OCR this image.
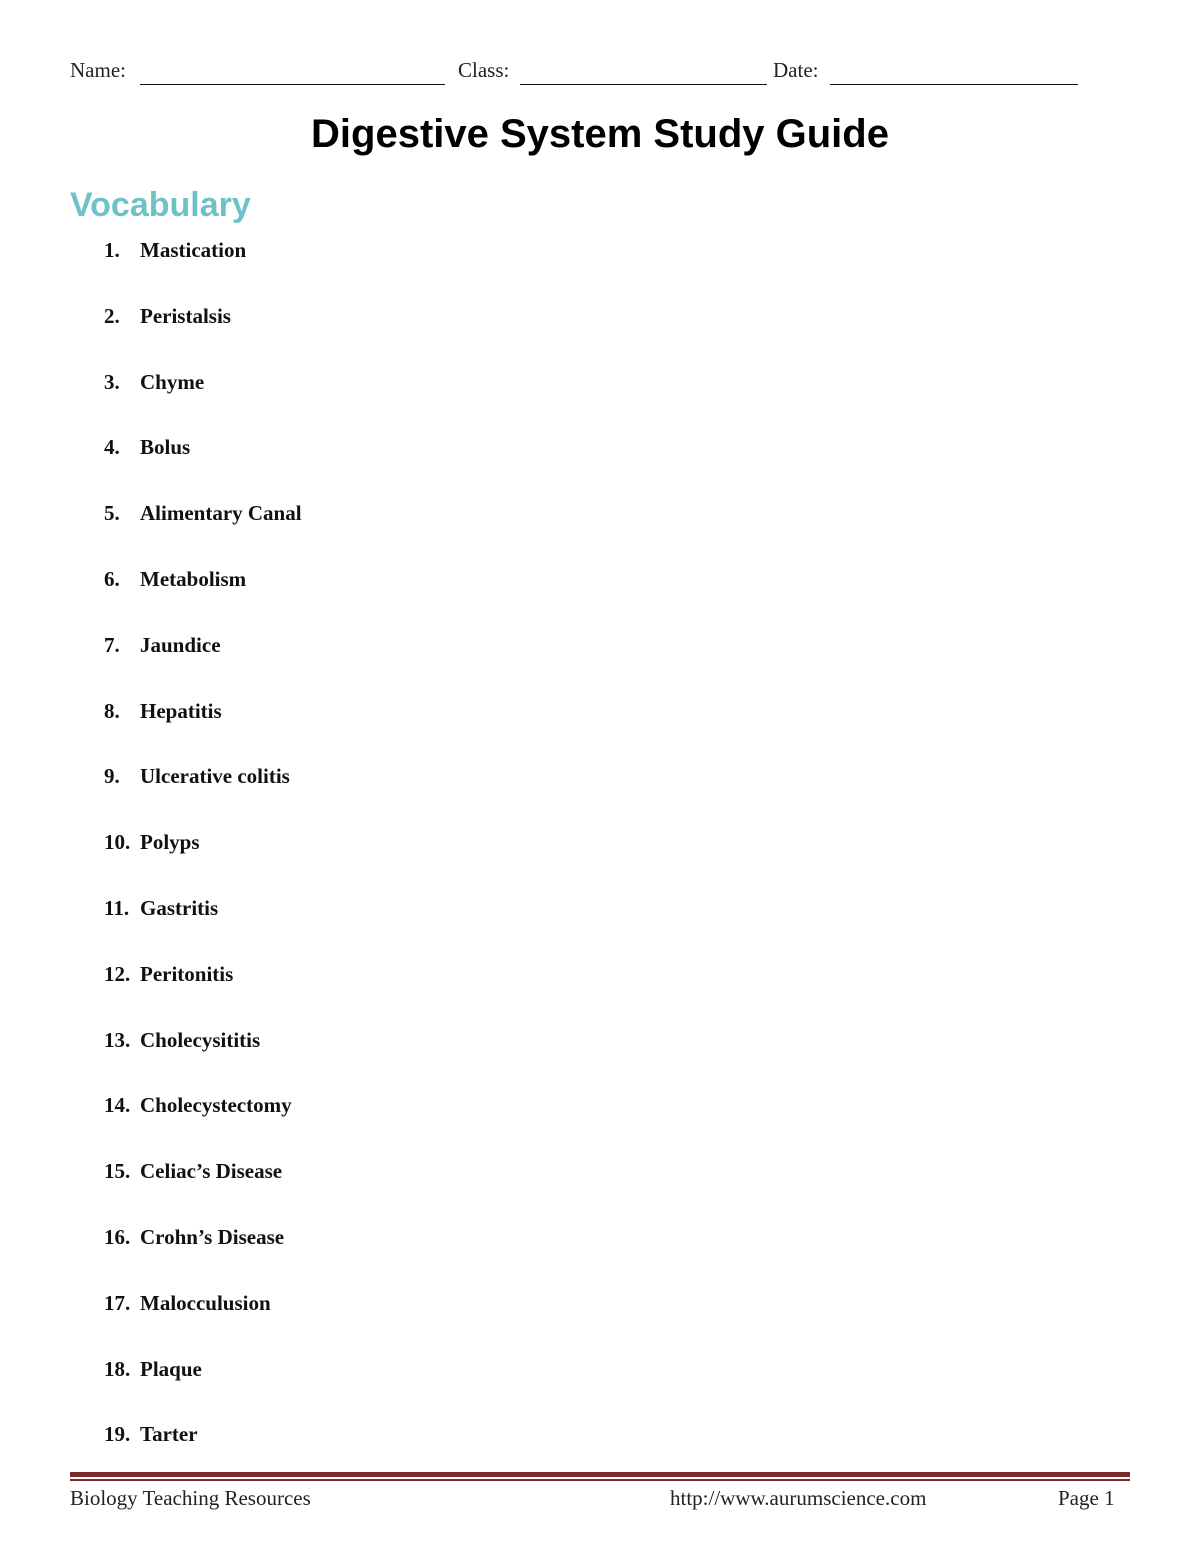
Name:	Class:	Date:
Digestive System Study Guide
Vocabulary
1. Mastication
2. Peristalsis
3. Chyme
4. Bolus
5. Alimentary Canal
6. Metabolism
7. Jaundice
8. Hepatitis
9. Ulcerative colitis
10. Polyps
11. Gastritis
12. Peritonitis
13. Cholecysititis
14. Cholecystectomy
15. Celiac’s Disease
16. Crohn’s Disease
17. Malocculusion
18. Plaque
19. Tarter
Biology Teaching Resources	http://www.aurumscience.com	Page 1
